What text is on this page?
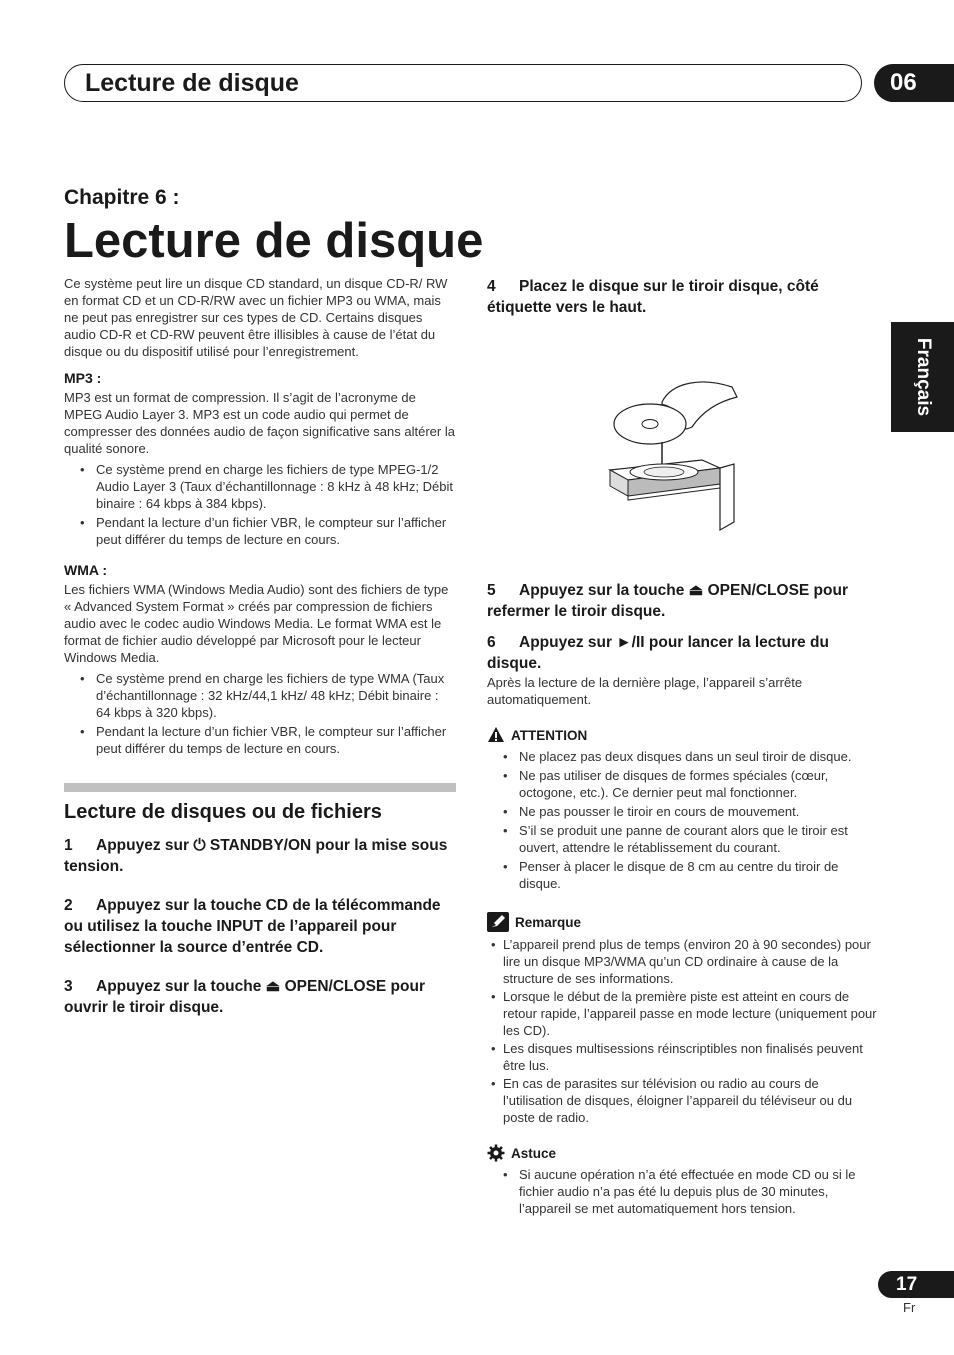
Lecture de disque	06
Français
Chapitre 6 :
Lecture de disque

Ce système peut lire un disque CD standard, un disque CD-R/ RW en format CD et un CD-R/RW avec un fichier MP3 ou WMA, mais ne peut pas enregistrer sur ces types de CD. Certains disques audio CD-R et CD-RW peuvent être illisibles à cause de l’état du disque ou du dispositif utilisé pour l’enregistrement.

MP3 :

MP3 est un format de compression. Il s’agit de l’acronyme de MPEG Audio Layer 3. MP3 est un code audio qui permet de compresser des données audio de façon significative sans altérer la qualité sonore.

• Ce système prend en charge les fichiers de type MPEG-1/2 Audio Layer 3 (Taux d’échantillonnage : 8 kHz à 48 kHz; Débit binaire : 64 kbps à 384 kbps).
• Pendant la lecture d’un fichier VBR, le compteur sur l’afficher peut différer du temps de lecture en cours.

WMA :

Les fichiers WMA (Windows Media Audio) sont des fichiers de type « Advanced System Format » créés par compression de fichiers audio avec le codec audio Windows Media. Le format WMA est le format de fichier audio développé par Microsoft pour le lecteur Windows Media.

• Ce système prend en charge les fichiers de type WMA (Taux d’échantillonnage : 32 kHz/44,1 kHz/ 48 kHz; Débit binaire : 64 kbps à 320 kbps).
• Pendant la lecture d’un fichier VBR, le compteur sur l’afficher peut différer du temps de lecture en cours.
Lecture de disques ou de fichiers
1 Appuyez sur ⏻ STANDBY/ON pour la mise sous tension.
2 Appuyez sur la touche CD de la télécommande ou utilisez la touche INPUT de l’appareil pour sélectionner la source d’entrée CD.
3 Appuyez sur la touche ⏏ OPEN/CLOSE pour ouvrir le tiroir disque.
4 Placez le disque sur le tiroir disque, côté étiquette vers le haut.
5 Appuyez sur la touche ⏏ OPEN/CLOSE pour refermer le tiroir disque.
6 Appuyez sur ►/II pour lancer la lecture du disque.

Après la lecture de la dernière plage, l’appareil s’arrête automatiquement.

ATTENTION
• Ne placez pas deux disques dans un seul tiroir de disque.
• Ne pas utiliser de disques de formes spéciales (cœur, octogone, etc.). Ce dernier peut mal fonctionner.
• Ne pas pousser le tiroir en cours de mouvement.
• S’il se produit une panne de courant alors que le tiroir est ouvert, attendre le rétablissement du courant.
• Penser à placer le disque de 8 cm au centre du tiroir de disque.
Remarque
• L’appareil prend plus de temps (environ 20 à 90 secondes) pour lire un disque MP3/WMA qu’un CD ordinaire à cause de la structure de ses informations.
• Lorsque le début de la première piste est atteint en cours de retour rapide, l’appareil passe en mode lecture (uniquement pour les CD).
• Les disques multisessions réinscriptibles non finalisés peuvent être lus.
• En cas de parasites sur télévision ou radio au cours de l’utilisation de disques, éloigner l’appareil du téléviseur ou du poste de radio.
Astuce
• Si aucune opération n’a été effectuée en mode CD ou si le fichier audio n’a pas été lu depuis plus de 30 minutes, l’appareil se met automatiquement hors tension.
17
Fr
